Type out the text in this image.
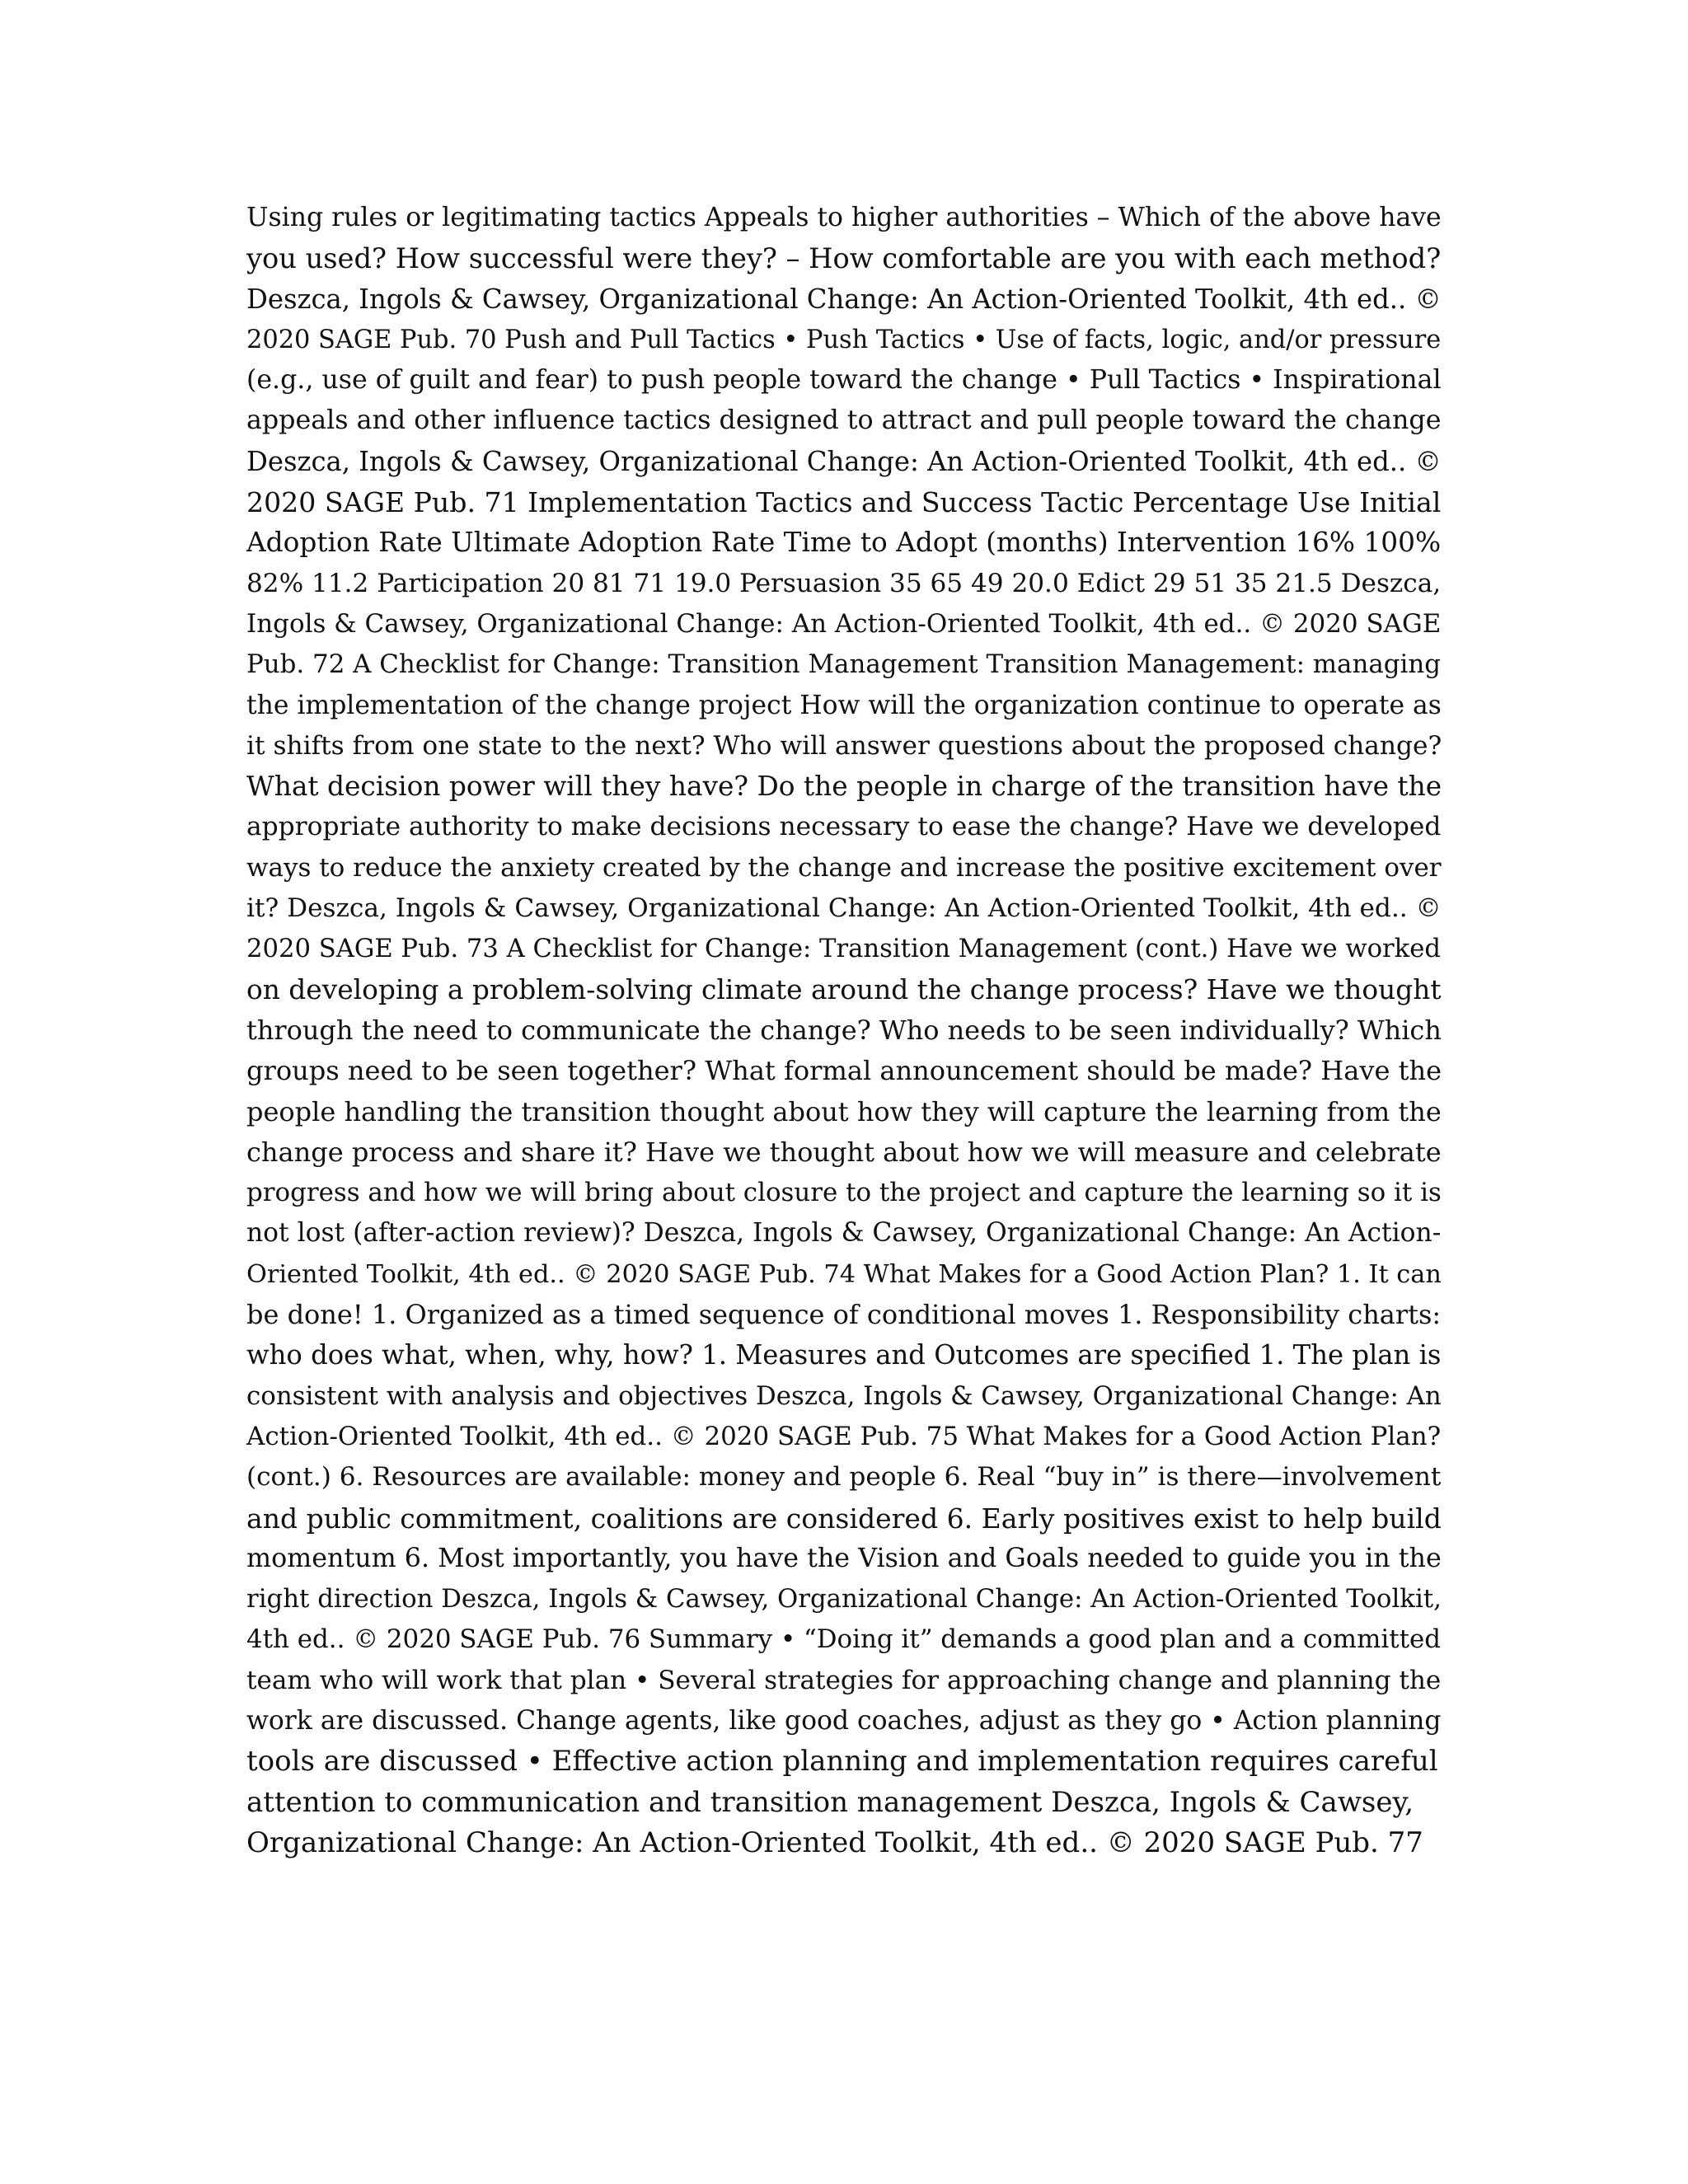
Using rules or legitimating tactics Appeals to higher authorities – Which of the above have
you used? How successful were they? – How comfortable are you with each method?
Deszca, Ingols & Cawsey, Organizational Change: An Action-Oriented Toolkit, 4th ed.. ©
2020 SAGE Pub. 70 Push and Pull Tactics • Push Tactics • Use of facts, logic, and/or pressure
(e.g., use of guilt and fear) to push people toward the change • Pull Tactics • Inspirational
appeals and other influence tactics designed to attract and pull people toward the change
Deszca, Ingols & Cawsey, Organizational Change: An Action-Oriented Toolkit, 4th ed.. ©
2020 SAGE Pub. 71 Implementation Tactics and Success Tactic Percentage Use Initial
Adoption Rate Ultimate Adoption Rate Time to Adopt (months) Intervention 16% 100%
82% 11.2 Participation 20 81 71 19.0 Persuasion 35 65 49 20.0 Edict 29 51 35 21.5 Deszca,
Ingols & Cawsey, Organizational Change: An Action-Oriented Toolkit, 4th ed.. © 2020 SAGE
Pub. 72 A Checklist for Change: Transition Management Transition Management: managing
the implementation of the change project How will the organization continue to operate as
it shifts from one state to the next? Who will answer questions about the proposed change?
What decision power will they have? Do the people in charge of the transition have the
appropriate authority to make decisions necessary to ease the change? Have we developed
ways to reduce the anxiety created by the change and increase the positive excitement over
it? Deszca, Ingols & Cawsey, Organizational Change: An Action-Oriented Toolkit, 4th ed.. ©
2020 SAGE Pub. 73 A Checklist for Change: Transition Management (cont.) Have we worked
on developing a problem-solving climate around the change process? Have we thought
through the need to communicate the change? Who needs to be seen individually? Which
groups need to be seen together? What formal announcement should be made? Have the
people handling the transition thought about how they will capture the learning from the
change process and share it? Have we thought about how we will measure and celebrate
progress and how we will bring about closure to the project and capture the learning so it is
not lost (after-action review)? Deszca, Ingols & Cawsey, Organizational Change: An Action-
Oriented Toolkit, 4th ed.. © 2020 SAGE Pub. 74 What Makes for a Good Action Plan? 1. It can
be done! 1. Organized as a timed sequence of conditional moves 1. Responsibility charts:
who does what, when, why, how? 1. Measures and Outcomes are specified 1. The plan is
consistent with analysis and objectives Deszca, Ingols & Cawsey, Organizational Change: An
Action-Oriented Toolkit, 4th ed.. © 2020 SAGE Pub. 75 What Makes for a Good Action Plan?
(cont.) 6. Resources are available: money and people 6. Real “buy in” is there—involvement
and public commitment, coalitions are considered 6. Early positives exist to help build
momentum 6. Most importantly, you have the Vision and Goals needed to guide you in the
right direction Deszca, Ingols & Cawsey, Organizational Change: An Action-Oriented Toolkit,
4th ed.. © 2020 SAGE Pub. 76 Summary • “Doing it” demands a good plan and a committed
team who will work that plan • Several strategies for approaching change and planning the
work are discussed. Change agents, like good coaches, adjust as they go • Action planning
tools are discussed • Effective action planning and implementation requires careful
attention to communication and transition management Deszca, Ingols & Cawsey,
Organizational Change: An Action-Oriented Toolkit, 4th ed.. © 2020 SAGE Pub. 77
